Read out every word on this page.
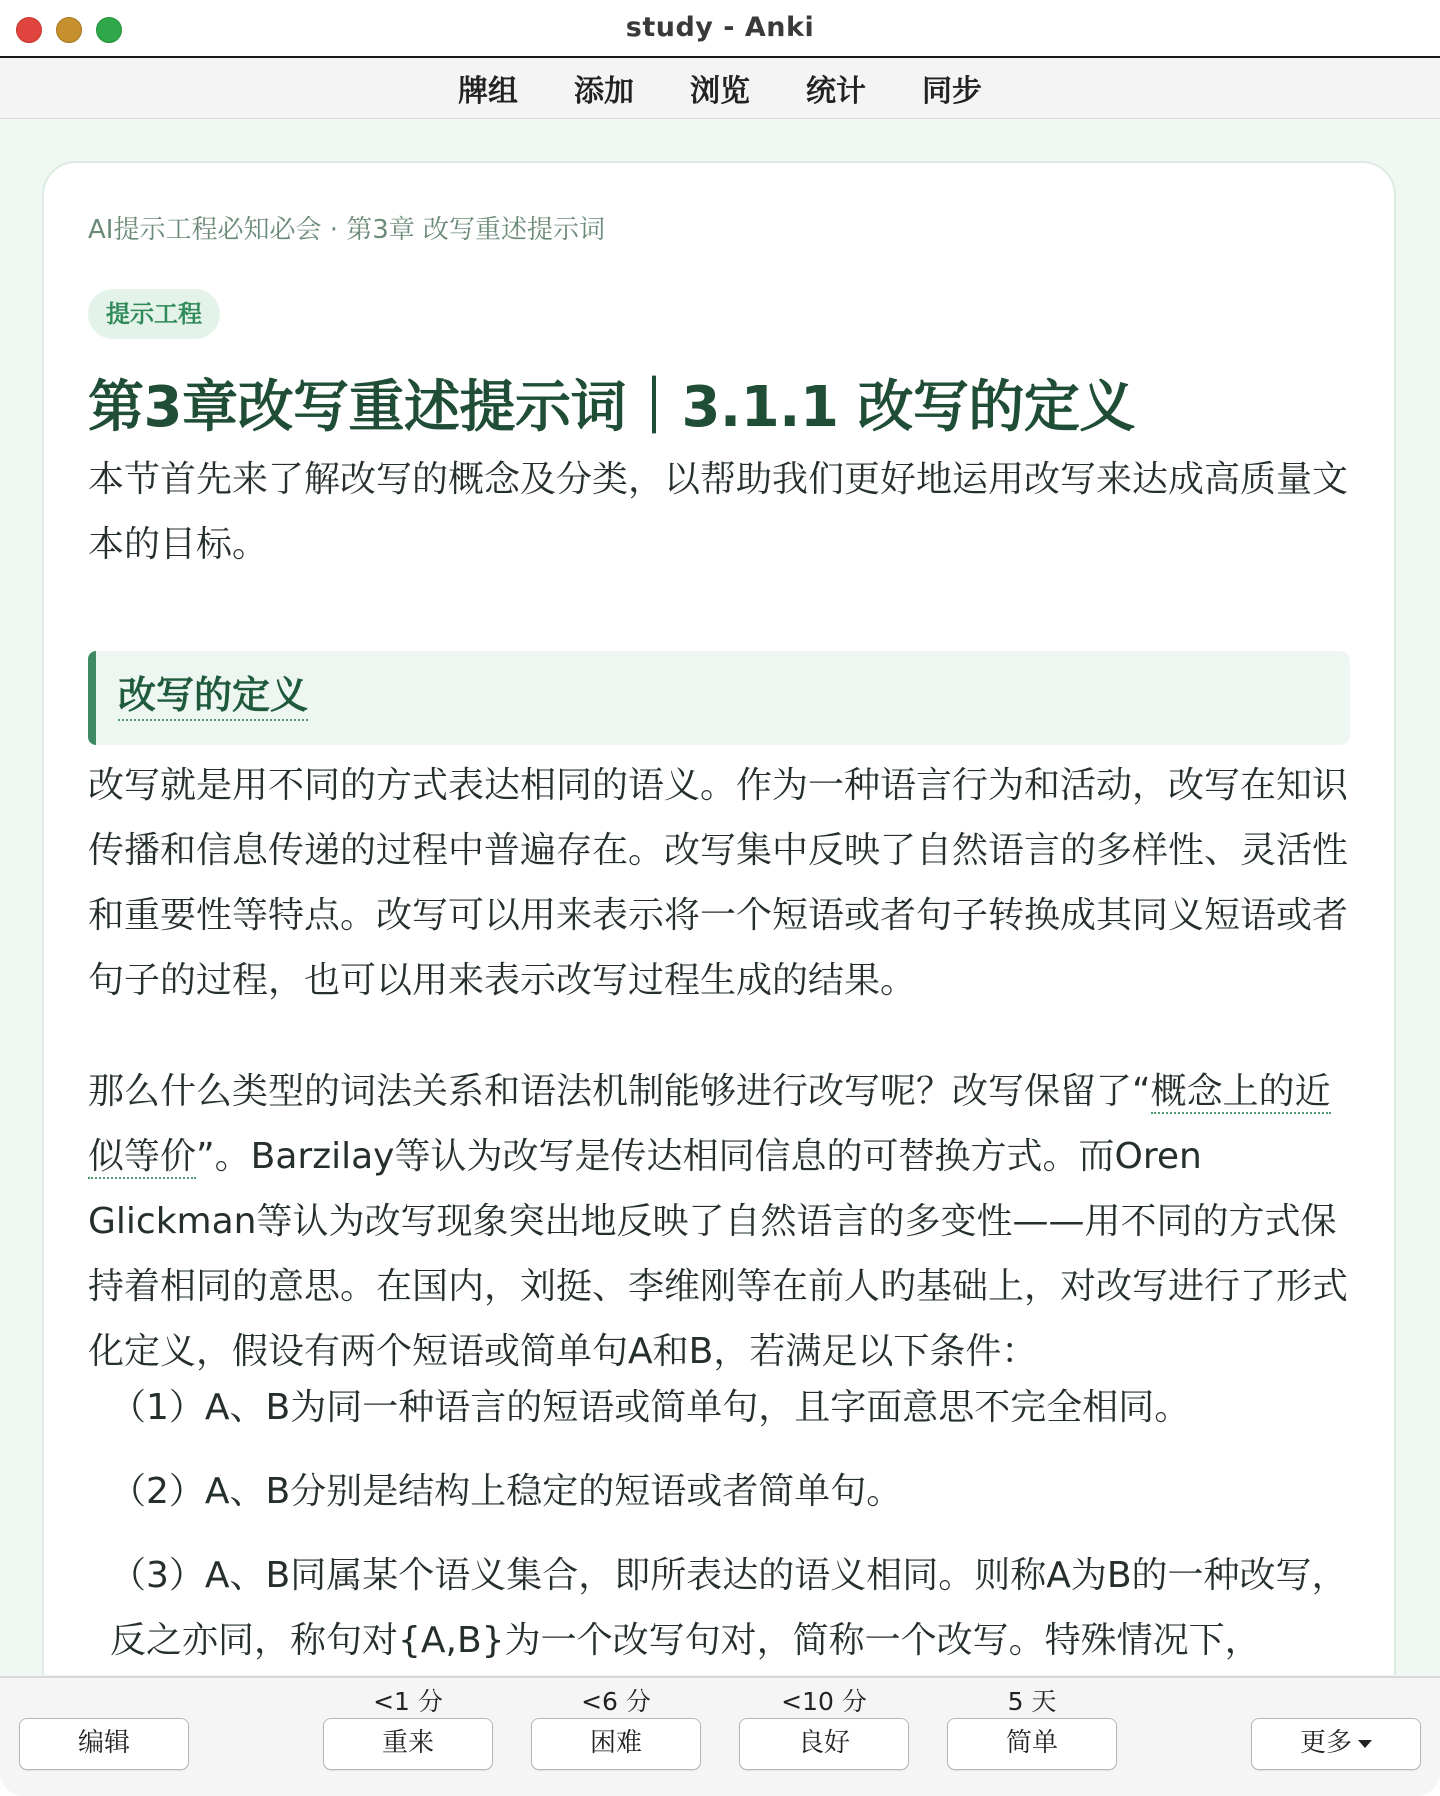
study - Anki
牌组 添加 浏览 统计 同步
AI提示工程必知必会 · 第3章 改写重述提示词
提示工程
第3章改写重述提示词｜3.1.1 改写的定义
本节首先来了解改写的概念及分类，以帮助我们更好地运用改写来达成高质量文本的目标。
改写的定义
改写就是用不同的方式表达相同的语义。作为一种语言行为和活动，改写在知识传播和信息传递的过程中普遍存在。改写集中反映了自然语言的多样性、灵活性和重要性等特点。改写可以用来表示将一个短语或者句子转换成其同义短语或者句子的过程，也可以用来表示改写过程生成的结果。
那么什么类型的词法关系和语法机制能够进行改写呢？改写保留了“概念上的近似等价”。Barzilay等认为改写是传达相同信息的可替换方式。而Oren Glickman等认为改写现象突出地反映了自然语言的多变性——用不同的方式保持着相同的意思。在国内，刘挺、李维刚等在前人旳基础上，对改写进行了形式化定义，假设有两个短语或简单句A和B，若满足以下条件：
（1）A、B为同一种语言的短语或简单句，且字面意思不完全相同。
（2）A、B分别是结构上稳定的短语或者简单句。
（3）A、B同属某个语义集合，即所表达的语义相同。则称A为B的一种改写，反之亦同，称句对{A,B}为一个改写句对，简称一个改写。特殊情况下，
编辑
<1 分
重来
<6 分
困难
<10 分
良好
5 天
简单	更多
